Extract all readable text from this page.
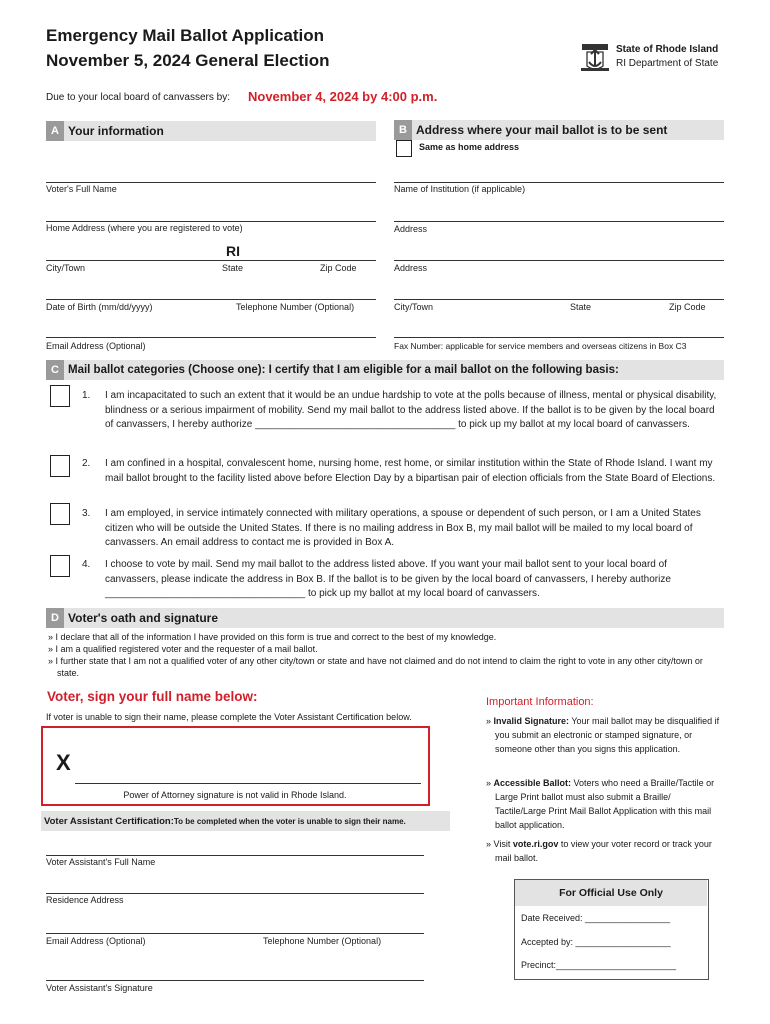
Emergency Mail Ballot Application
November 5, 2024 General Election
State of Rhode Island
RI Department of State
Due to your local board of canvassers by: November 4, 2024 by 4:00 p.m.
A Your information
Voter's Full Name
Home Address (where you are registered to vote)
RI
City/Town	State	Zip Code
Date of Birth (mm/dd/yyyy)	Telephone Number (Optional)
Email Address (Optional)
B Address where your mail ballot is to be sent
Same as home address
Name of Institution (if applicable)
Address
Address
City/Town	State	Zip Code
Fax Number: applicable for service members and overseas citizens in Box C3
C Mail ballot categories (Choose one): I certify that I am eligible for a mail ballot on the following basis:
1.	I am incapacitated to such an extent that it would be an undue hardship to vote at the polls because of illness, mental or physical disability, blindness or a serious impairment of mobility. Send my mail ballot to the address listed above. If the ballot is to be given by the local board of canvassers, I hereby authorize ____________________________________ to pick up my ballot at my local board of canvassers.
2.	I am confined in a hospital, convalescent home, nursing home, rest home, or similar institution within the State of Rhode Island. I want my mail ballot brought to the facility listed above before Election Day by a bipartisan pair of election officials from the State Board of Elections.
3.	I am employed, in service intimately connected with military operations, a spouse or dependent of such person, or I am a United States citizen who will be outside the United States. If there is no mailing address in Box B, my mail ballot will be mailed to my local board of canvassers. An email address to contact me is provided in Box A.
4.	I choose to vote by mail. Send my mail ballot to the address listed above. If you want your mail ballot sent to your local board of canvassers, please indicate the address in Box B. If the ballot is to be given by the local board of canvassers, I hereby authorize ____________________________________ to pick up my ballot at my local board of canvassers.
D Voter's oath and signature
» I declare that all of the information I have provided on this form is true and correct to the best of my knowledge.
» I am a qualified registered voter and the requester of a mail ballot.
» I further state that I am not a qualified voter of any other city/town or state and have not claimed and do not intend to claim the right to vote in any other city/town or state.
Voter, sign your full name below:
If voter is unable to sign their name, please complete the Voter Assistant Certification below.
X
Power of Attorney signature is not valid in Rhode Island.
Voter Assistant Certification: To be completed when the voter is unable to sign their name.
Voter Assistant's Full Name
Residence Address
Email Address (Optional)	Telephone Number (Optional)
Voter Assistant's Signature
Important Information:
» Invalid Signature: Your mail ballot may be disqualified if you submit an electronic or stamped signature, or someone other than you signs this application.
» Accessible Ballot: Voters who need a Braille/Tactile or Large Print ballot must also submit a Braille/ Tactile/Large Print Mail Ballot Application with this mail ballot application.
» Visit vote.ri.gov to view your voter record or track your mail ballot.
For Official Use Only
Date Received: _________________
Accepted by: ___________________
Precinct:________________________
